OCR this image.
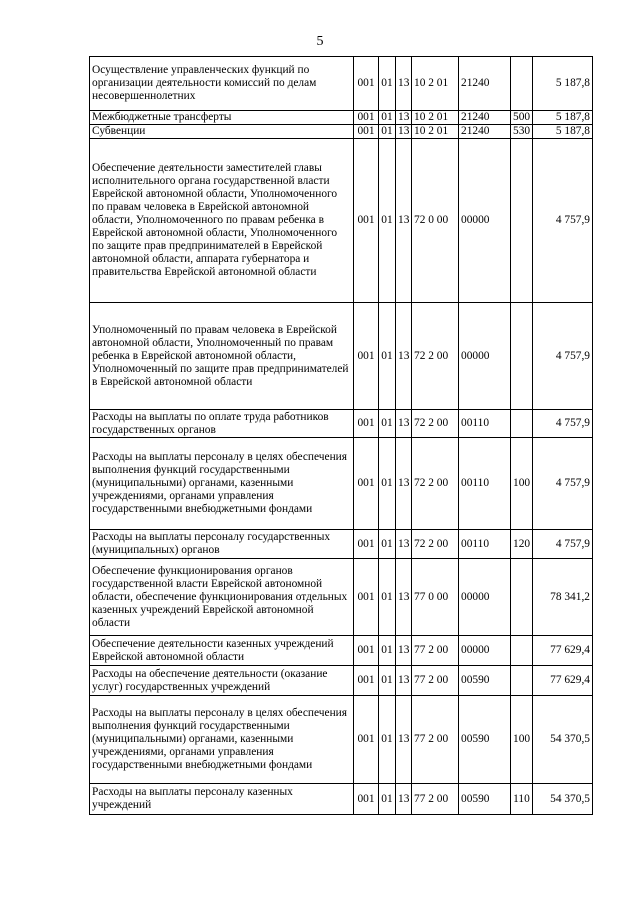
5
Осуществление управленческих функций по организации деятельности комиссий по делам несовершеннолетних	001	01	13	10 2 01	21240		5 187,8
Межбюджетные трансферты	001	01	13	10 2 01	21240	500	5 187,8
Субвенции	001	01	13	10 2 01	21240	530	5 187,8
Обеспечение деятельности заместителей главы исполнительного органа государственной власти Еврейской автономной области, Уполномоченного по правам человека в Еврейской автономной области, Уполномоченного по правам ребенка в Еврейской автономной области, Уполномоченного по защите прав предпринимателей в Еврейской автономной области, аппарата губернатора и правительства Еврейской автономной области	001	01	13	72 0 00	00000		4 757,9
Уполномоченный по правам человека в Еврейской автономной области, Уполномоченный по правам ребенка в Еврейской автономной области, Уполномоченный по защите прав предпринимателей в Еврейской автономной области	001	01	13	72 2 00	00000		4 757,9
Расходы на выплаты по оплате труда работников государственных органов	001	01	13	72 2 00	00110		4 757,9
Расходы на выплаты персоналу в целях обеспечения выполнения функций государственными (муниципальными) органами, казенными учреждениями, органами управления государственными внебюджетными фондами	001	01	13	72 2 00	00110	100	4 757,9
Расходы на выплаты персоналу государственных (муниципальных) органов	001	01	13	72 2 00	00110	120	4 757,9
Обеспечение функционирования органов государственной власти Еврейской автономной области, обеспечение функционирования отдельных казенных учреждений Еврейской автономной области	001	01	13	77 0 00	00000		78 341,2
Обеспечение деятельности казенных учреждений Еврейской автономной области	001	01	13	77 2 00	00000		77 629,4
Расходы на обеспечение деятельности (оказание услуг) государственных учреждений	001	01	13	77 2 00	00590		77 629,4
Расходы на выплаты персоналу в целях обеспечения выполнения функций государственными (муниципальными) органами, казенными учреждениями, органами управления государственными внебюджетными фондами	001	01	13	77 2 00	00590	100	54 370,5
Расходы на выплаты персоналу казенных учреждений	001	01	13	77 2 00	00590	110	54 370,5
